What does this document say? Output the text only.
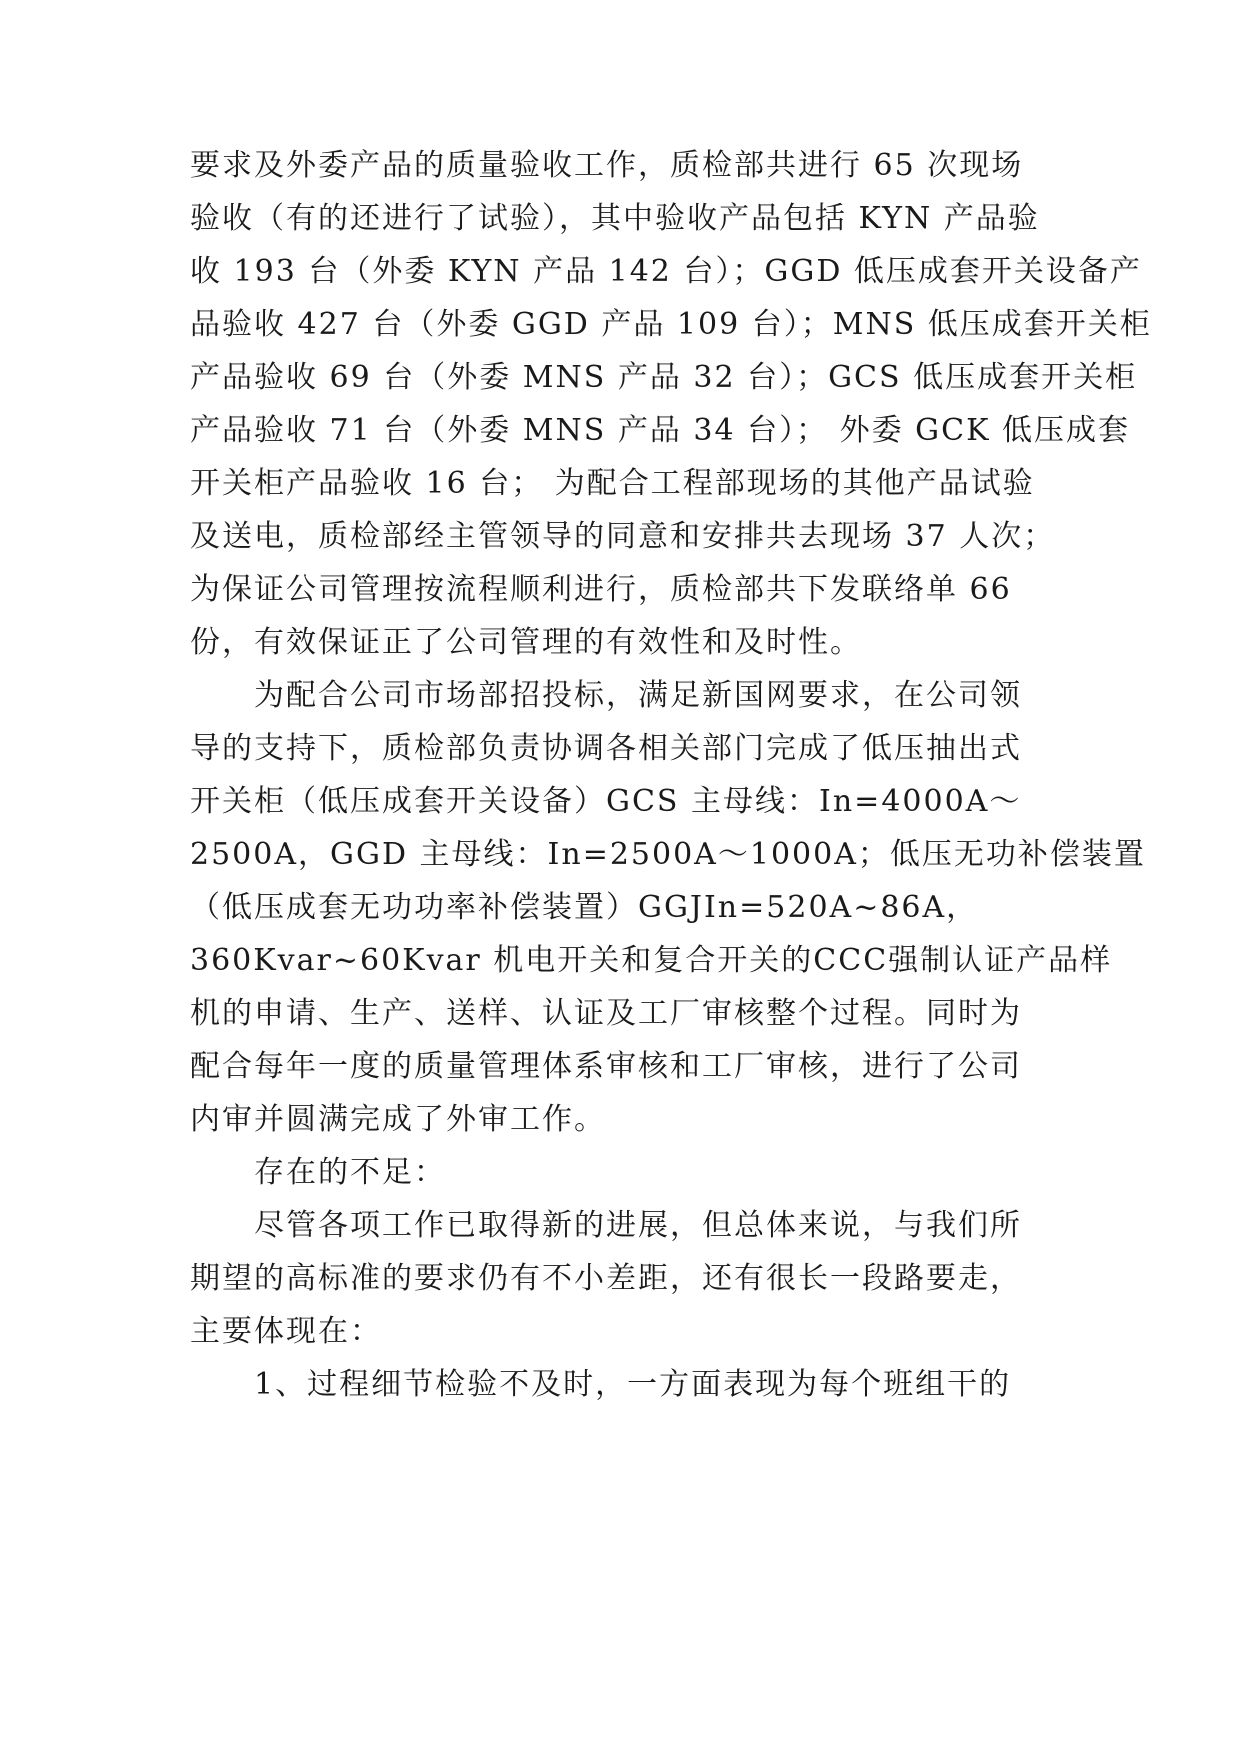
要求及外委产品的质量验收工作，质检部共进行 65 次现场
验收（有的还进行了试验），其中验收产品包括 KYN 产品验
收 193 台（外委 KYN 产品 142 台）；GGD 低压成套开关设备产
品验收 427 台（外委 GGD 产品 109 台）；MNS 低压成套开关柜
产品验收 69 台（外委 MNS 产品 32 台）；GCS 低压成套开关柜
产品验收 71 台（外委 MNS 产品 34 台）； 外委 GCK 低压成套
开关柜产品验收 16 台； 为配合工程部现场的其他产品试验
及送电，质检部经主管领导的同意和安排共去现场 37 人次；
为保证公司管理按流程顺利进行，质检部共下发联络单 66
份，有效保证正了公司管理的有效性和及时性。
为配合公司市场部招投标，满足新国网要求，在公司领
导的支持下，质检部负责协调各相关部门完成了低压抽出式
开关柜（低压成套开关设备）GCS 主母线：In=4000A～
2500A，GGD 主母线：In=2500A～1000A；低压无功补偿装置
（低压成套无功功率补偿装置）GGJIn=520A~86A，
360Kvar~60Kvar 机电开关和复合开关的CCC强制认证产品样
机的申请、生产、送样、认证及工厂审核整个过程。同时为
配合每年一度的质量管理体系审核和工厂审核，进行了公司
内审并圆满完成了外审工作。
存在的不足：
尽管各项工作已取得新的进展，但总体来说，与我们所
期望的高标准的要求仍有不小差距，还有很长一段路要走，
主要体现在：
1、过程细节检验不及时，一方面表现为每个班组干的
